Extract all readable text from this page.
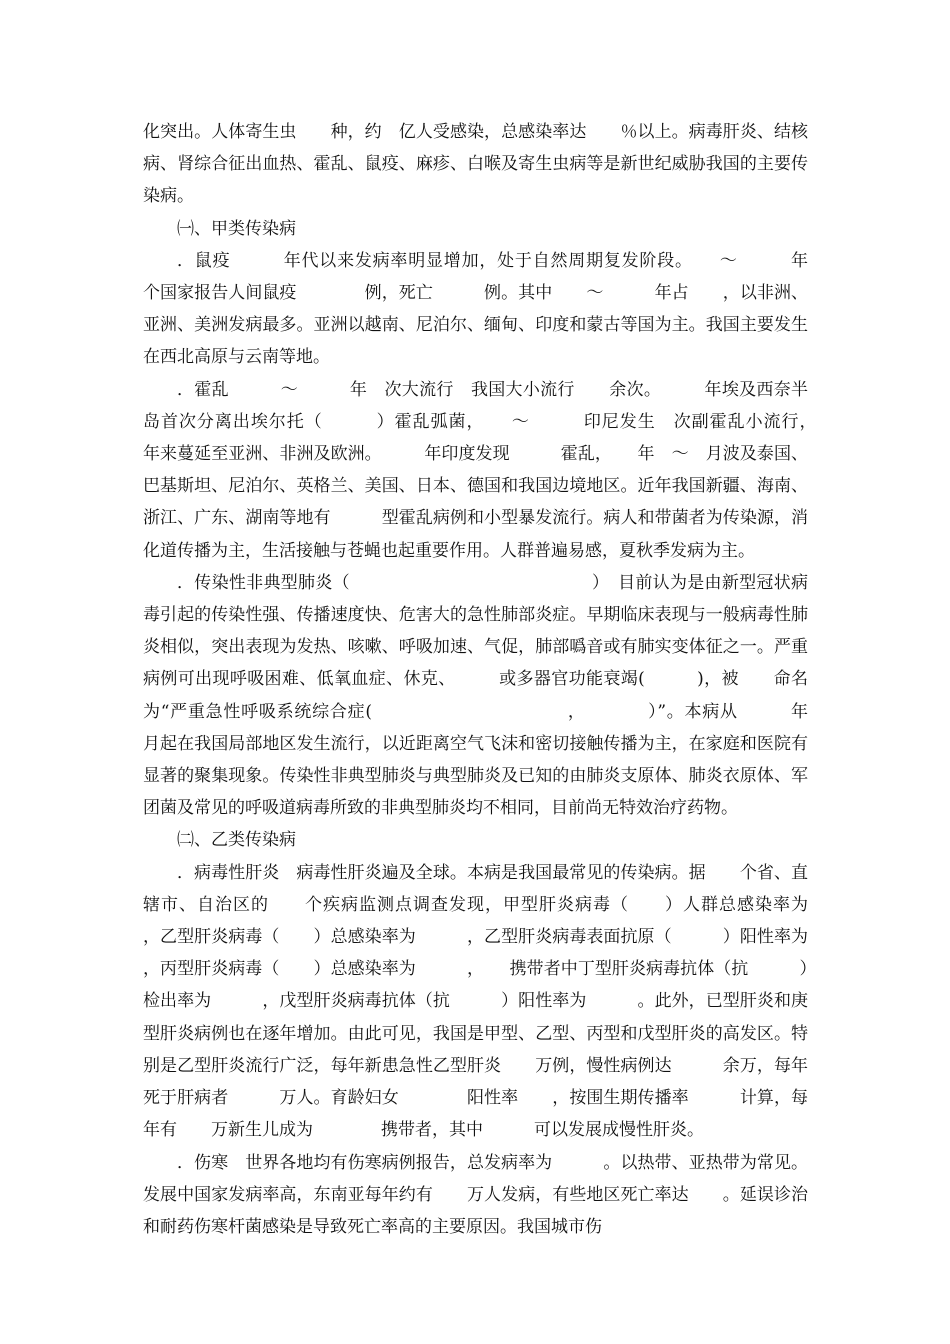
化突出。人体寄生虫　　种，约　亿人受感染，总感染率达　　％以上。病毒肝炎、结核病、肾综合征出血热、霍乱、鼠疫、麻疹、白喉及寄生虫病等是新世纪威胁我国的主要传染病。

㈠、甲类传染病

．鼠疫　　　年代以来发病率明显增加，处于自然周期复发阶段。　　～　　　年　　个国家报告人间鼠疫　　　　例，死亡　　　例。其中　　～　　　年占　　，以非洲、亚洲、美洲发病最多。亚洲以越南、尼泊尔、缅甸、印度和蒙古等国为主。我国主要发生在西北高原与云南等地。

．霍乱　　　～　　　年　次大流行　我国大小流行　　余次。　　　年埃及西奈半岛首次分离出埃尔托（　　　）霍乱弧菌，　　～　　　印尼发生　次副霍乱小流行，　　　年来蔓延至亚洲、非洲及欧洲。　　　年印度发现　　　霍乱，　　年　～　月波及泰国、巴基斯坦、尼泊尔、英格兰、美国、日本、德国和我国边境地区。近年我国新疆、海南、浙江、广东、湖南等地有　　　型霍乱病例和小型暴发流行。病人和带菌者为传染源，消化道传播为主，生活接触与苍蝇也起重要作用。人群普遍易感，夏秋季发病为主。

．传染性非典型肺炎（　　　　　　　　　　　　　　）　目前认为是由新型冠状病毒引起的传染性强、传播速度快、危害大的急性肺部炎症。早期临床表现与一般病毒性肺炎相似，突出表现为发热、咳嗽、呼吸加速、气促，肺部噅音或有肺实变体征之一。严重病例可出现呼吸困难、低氧血症、休克、　　　或多器官功能衰竭(　　　)，被　　命名为“严重急性呼吸系统综合症(　　　　　　　　　　　，　　　　）”。本病从　　　年　　月起在我国局部地区发生流行，以近距离空气飞沫和密切接触传播为主，在家庭和医院有显著的聚集现象。传染性非典型肺炎与典型肺炎及已知的由肺炎支原体、肺炎衣原体、军团菌及常见的呼吸道病毒所致的非典型肺炎均不相同，目前尚无特效治疗药物。

㈡、乙类传染病

．病毒性肝炎　病毒性肝炎遍及全球。本病是我国最常见的传染病。据　　个省、直辖市、自治区的　　个疾病监测点调查发现，甲型肝炎病毒（　　）人群总感染率为　　　，乙型肝炎病毒（　　）总感染率为　　　，乙型肝炎病毒表面抗原（　　　）阳性率为　　　，丙型肝炎病毒（　　）总感染率为　　　，　　携带者中丁型肝炎病毒抗体（抗　　　）检出率为　　　，戊型肝炎病毒抗体（抗　　　）阳性率为　　　。此外，已型肝炎和庚型肝炎病例也在逐年增加。由此可见，我国是甲型、乙型、丙型和戊型肝炎的高发区。特别是乙型肝炎流行广泛，每年新患急性乙型肝炎　　万例，慢性病例达　　　余万，每年死于肝病者　　　万人。育龄妇女　　　　阳性率　　，按围生期传播率　　　计算，每年有　　万新生儿成为　　　　携带者，其中　　　可以发展成慢性肝炎。

．伤寒　世界各地均有伤寒病例报告，总发病率为　　　。以热带、亚热带为常见。发展中国家发病率高，东南亚每年约有　　万人发病，有些地区死亡率达　　。延误诊治和耐药伤寒杆菌感染是导致死亡率高的主要原因。我国城市伤
